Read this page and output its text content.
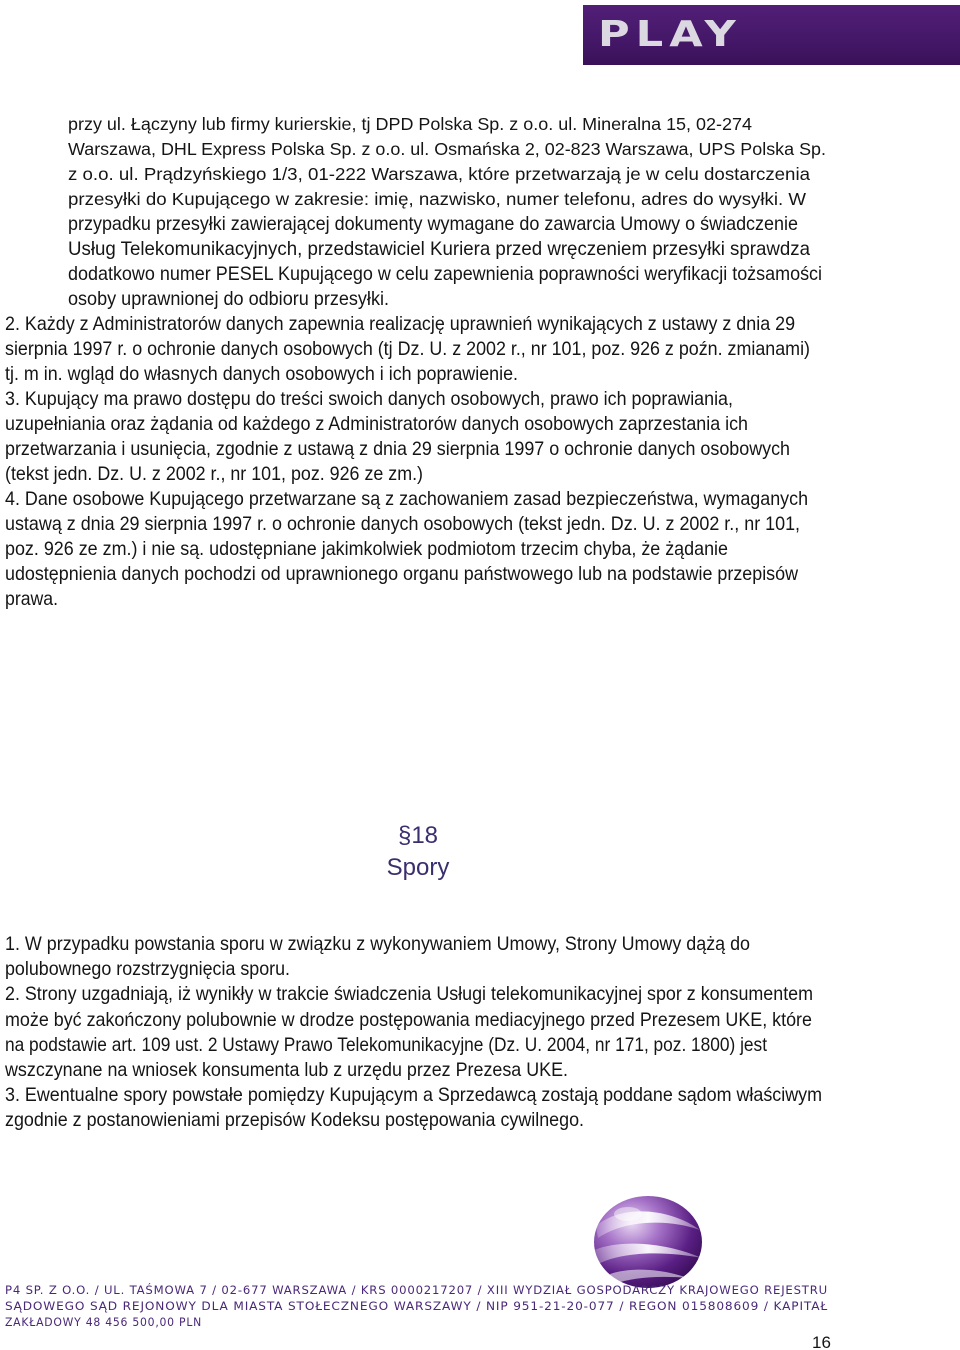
PLAY
przy ul. Łączyny lub firmy kurierskie, tj DPD Polska Sp. z o.o. ul. Mineralna 15, 02-274
Warszawa, DHL Express Polska Sp. z o.o. ul. Osmańska 2, 02-823 Warszawa, UPS Polska Sp.
z o.o. ul. Prądzyńskiego 1/3, 01-222 Warszawa, które przetwarzają je w celu dostarczenia
przesyłki do Kupującego w zakresie: imię, nazwisko, numer telefonu, adres do wysyłki. W
przypadku przesyłki zawierającej dokumenty wymagane do zawarcia Umowy o świadczenie
Usług Telekomunikacyjnych, przedstawiciel Kuriera przed wręczeniem przesyłki sprawdza
dodatkowo numer PESEL Kupującego w celu zapewnienia poprawności weryfikacji tożsamości
osoby uprawnionej do odbioru przesyłki.
2. Każdy z Administratorów danych zapewnia realizację uprawnień wynikających z ustawy z dnia 29
sierpnia 1997 r. o ochronie danych osobowych (tj Dz. U. z 2002 r., nr 101, poz. 926 z poźn. zmianami)
tj. m in. wgląd do własnych danych osobowych i ich poprawienie.
3. Kupujący ma prawo dostępu do treści swoich danych osobowych, prawo ich poprawiania,
uzupełniania oraz żądania od każdego z Administratorów danych osobowych zaprzestania ich
przetwarzania i usunięcia, zgodnie z ustawą z dnia 29 sierpnia 1997 o ochronie danych osobowych
(tekst jedn. Dz. U. z 2002 r., nr 101, poz. 926 ze zm.)
4. Dane osobowe Kupującego przetwarzane są z zachowaniem zasad bezpieczeństwa, wymaganych
ustawą z dnia 29 sierpnia 1997 r. o ochronie danych osobowych (tekst jedn. Dz. U. z 2002 r., nr 101,
poz. 926 ze zm.) i nie są. udostępniane jakimkolwiek podmiotom trzecim chyba, że żądanie
udostępnienia danych pochodzi od uprawnionego organu państwowego lub na podstawie przepisów
prawa.
§18
Spory
1. W przypadku powstania sporu w związku z wykonywaniem Umowy, Strony Umowy dążą do
polubownego rozstrzygnięcia sporu.
2. Strony uzgadniają, iż wynikły w trakcie świadczenia Usługi telekomunikacyjnej spor z konsumentem
może być zakończony polubownie w drodze postępowania mediacyjnego przed Prezesem UKE, które
na podstawie art. 109 ust. 2 Ustawy Prawo Telekomunikacyjne (Dz. U. 2004, nr 171, poz. 1800) jest
wszczynane na wniosek konsumenta lub z urzędu przez Prezesa UKE.
3. Ewentualne spory powstałe pomiędzy Kupującym a Sprzedawcą zostają poddane sądom właściwym
zgodnie z postanowieniami przepisów Kodeksu postępowania cywilnego.
P4 SP. Z O.O. / UL. TAŚMOWA 7 / 02-677 WARSZAWA / KRS 0000217207 / XIII WYDZIAŁ GOSPODARCZY KRAJOWEGO REJESTRU
SĄDOWEGO SĄD REJONOWY DLA MIASTA STOŁECZNEGO WARSZAWY / NIP 951-21-20-077 / REGON 015808609 / KAPITAŁ
ZAKŁADOWY 48 456 500,00 PLN
16
